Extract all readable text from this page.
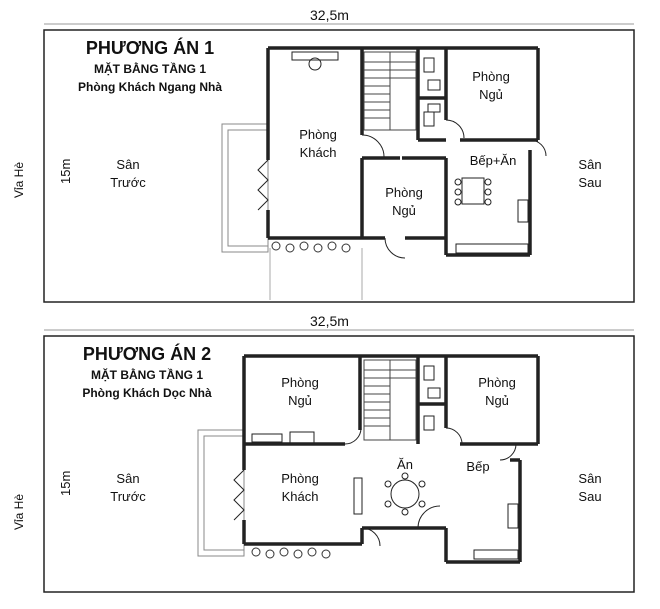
32,5m
Vỉa Hè 15m
PHƯƠNG ÁN 1
MẶT BẰNG TẦNG 1
Phòng Khách Ngang Nhà
Sân
Trước
Sân
Sau
Phòng
Khách
Phòng
Ngủ
Phòng
Ngủ
Bếp+Ăn
32,5m
Vỉa Hè
15m
PHƯƠNG ÁN 2
MẶT BẰNG TẦNG 1
Phòng Khách Dọc Nhà
Sân
Trước
Sân
Sau
Phòng
Khách
Phòng
Ngủ
Phòng
Ngủ
Ăn	Bếp
